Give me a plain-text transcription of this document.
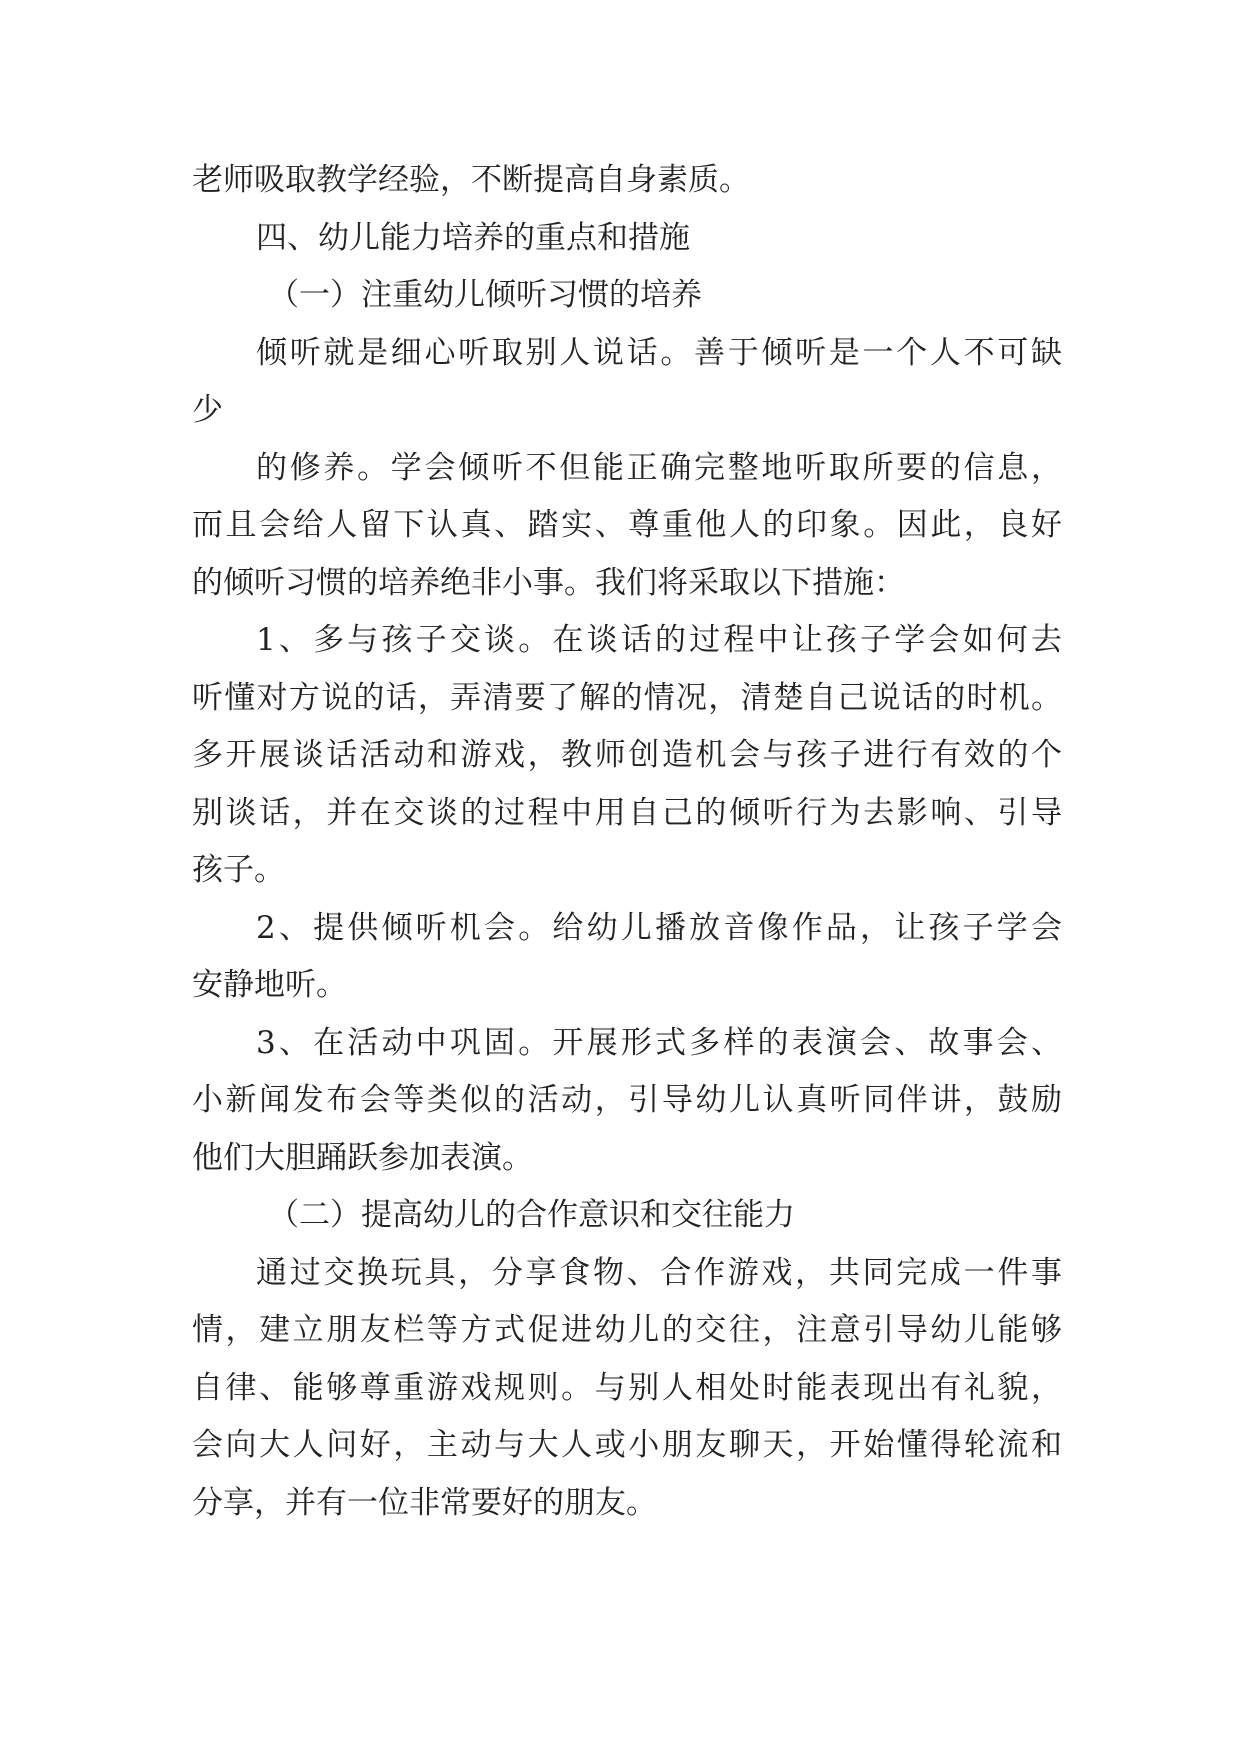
老师吸取教学经验，不断提高自身素质。
四、幼儿能力培养的重点和措施
（一）注重幼儿倾听习惯的培养
倾听就是细心听取别人说话。善于倾听是一个人不可缺
少
的修养。学会倾听不但能正确完整地听取所要的信息，
而且会给人留下认真、踏实、尊重他人的印象。因此，良好
的倾听习惯的培养绝非小事。我们将采取以下措施：
1、多与孩子交谈。在谈话的过程中让孩子学会如何去
听懂对方说的话，弄清要了解的情况，清楚自己说话的时机。
多开展谈话活动和游戏，教师创造机会与孩子进行有效的个
别谈话，并在交谈的过程中用自己的倾听行为去影响、引导
孩子。
2、提供倾听机会。给幼儿播放音像作品，让孩子学会
安静地听。
3、在活动中巩固。开展形式多样的表演会、故事会、
小新闻发布会等类似的活动，引导幼儿认真听同伴讲，鼓励
他们大胆踊跃参加表演。
（二）提高幼儿的合作意识和交往能力
通过交换玩具，分享食物、合作游戏，共同完成一件事
情，建立朋友栏等方式促进幼儿的交往，注意引导幼儿能够
自律、能够尊重游戏规则。与别人相处时能表现出有礼貌，
会向大人问好，主动与大人或小朋友聊天，开始懂得轮流和
分享，并有一位非常要好的朋友。
